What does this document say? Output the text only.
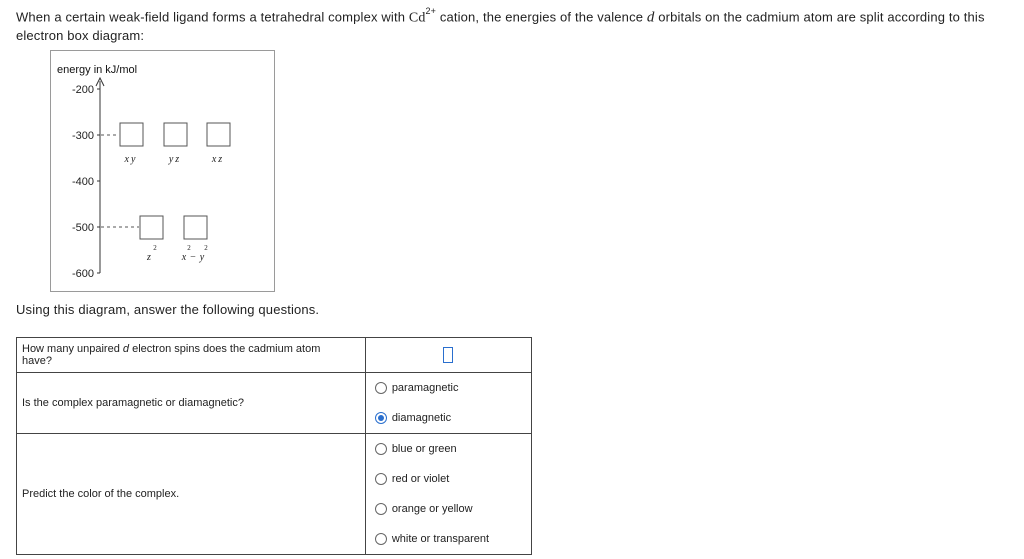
When a certain weak-field ligand forms a tetrahedral complex with $Cd^{2+}$ cation, the energies of the valence d orbitals on the cadmium atom are split according to this electron box diagram:
energy in kJ/mol
-200
-300
-400
-500
-600
xy	yz	xz
2
z
2 2
x − y
Using this diagram, answer the following questions.
How many unpaired d electron spins does the cadmium atom have?	
Is the complex paramagnetic or diamagnetic?	paramagnetic
diamagnetic

Predict the color of the complex.	blue or green
red or violet
orange or yellow
white or transparent
